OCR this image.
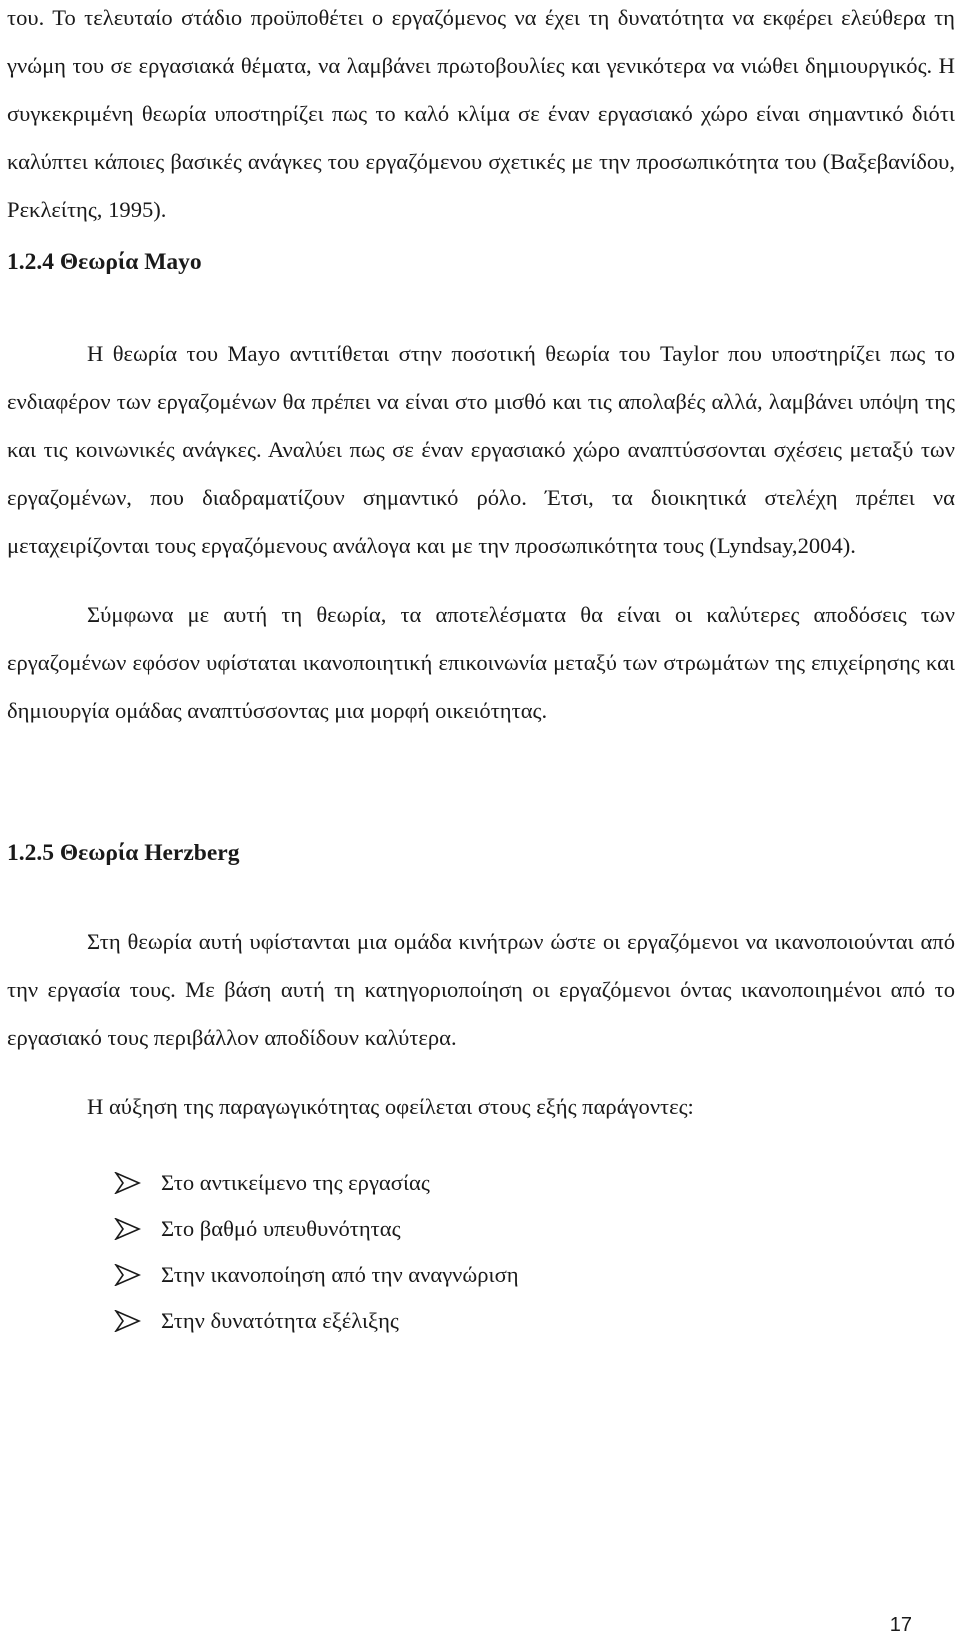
του. Το τελευταίο στάδιο προϋποθέτει ο εργαζόμενος να έχει τη δυνατότητα να εκφέρει ελεύθερα τη γνώμη του σε εργασιακά θέματα, να λαμβάνει πρωτοβουλίες και γενικότερα να νιώθει δημιουργικός. Η συγκεκριμένη θεωρία υποστηρίζει πως το καλό κλίμα σε έναν εργασιακό χώρο είναι σημαντικό διότι καλύπτει κάποιες βασικές ανάγκες του εργαζόμενου σχετικές με την προσωπικότητα του (Βαξεβανίδου, Ρεκλείτης, 1995).

1.2.4 Θεωρία Mayo

Η θεωρία του Mayo αντιτίθεται στην ποσοτική θεωρία του Taylor που υποστηρίζει πως το ενδιαφέρον των εργαζομένων θα πρέπει να είναι στο μισθό και τις απολαβές αλλά, λαμβάνει υπόψη της και τις κοινωνικές ανάγκες. Αναλύει πως σε έναν εργασιακό χώρο αναπτύσσονται σχέσεις μεταξύ των εργαζομένων, που διαδραματίζουν σημαντικό ρόλο. Έτσι, τα διοικητικά στελέχη πρέπει να μεταχειρίζονται τους εργαζόμενους ανάλογα και με την προσωπικότητα τους (Lyndsay,2004).

Σύμφωνα με αυτή τη θεωρία, τα αποτελέσματα θα είναι οι καλύτερες αποδόσεις των εργαζομένων εφόσον υφίσταται ικανοποιητική επικοινωνία μεταξύ των στρωμάτων της επιχείρησης και δημιουργία ομάδας αναπτύσσοντας μια μορφή οικειότητας.

1.2.5 Θεωρία Herzberg

Στη θεωρία αυτή υφίστανται μια ομάδα κινήτρων ώστε οι εργαζόμενοι να ικανοποιούνται από την εργασία τους. Με βάση αυτή τη κατηγοριοποίηση οι εργαζόμενοι όντας ικανοποιημένοι από το εργασιακό τους περιβάλλον αποδίδουν καλύτερα.

Η αύξηση της παραγωγικότητας οφείλεται στους εξής παράγοντες:

Στο αντικείμενο της εργασίας
Στο βαθμό υπευθυνότητας
Στην ικανοποίηση από την αναγνώριση
Στην δυνατότητα εξέλιξης
17
